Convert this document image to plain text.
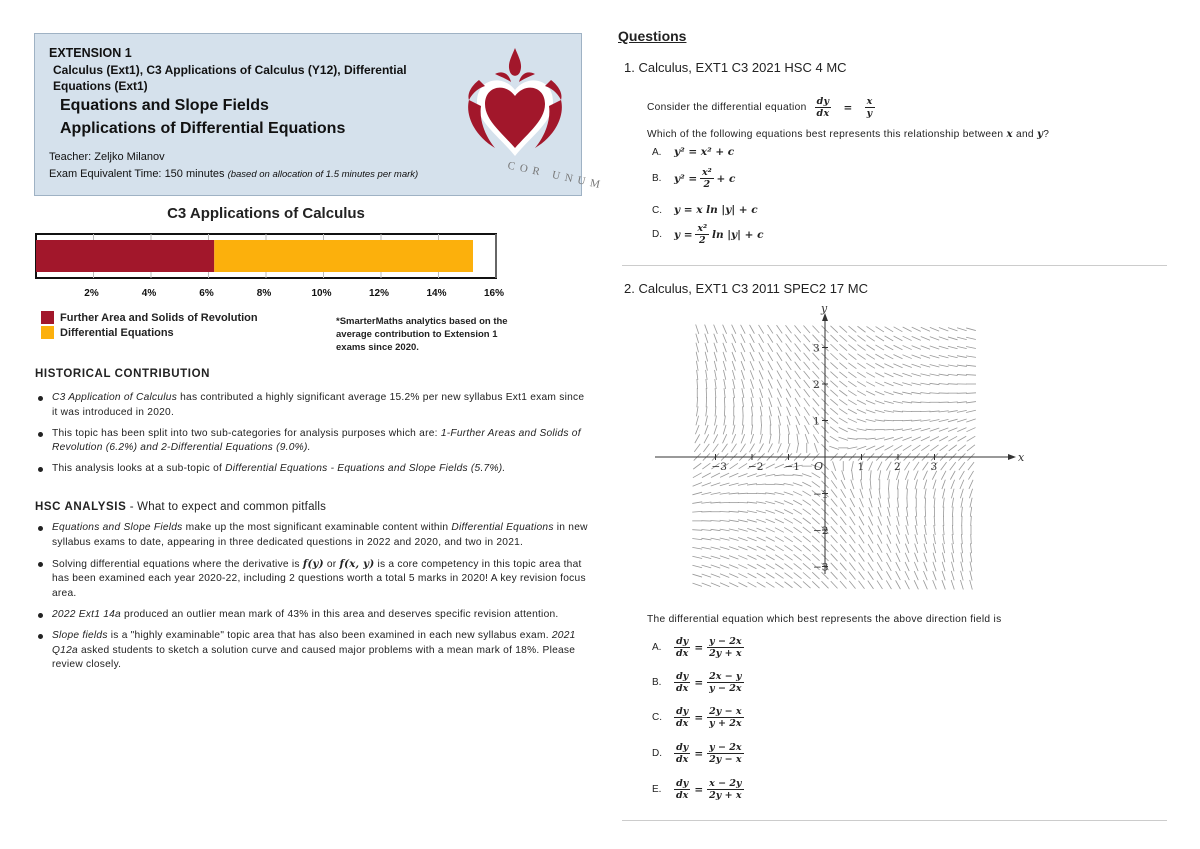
EXTENSION 1
Calculus (Ext1), C3 Applications of Calculus (Y12), Differential Equations (Ext1)
Equations and Slope Fields
Applications of Differential Equations
Teacher: Zeljko Milanov
Exam Equivalent Time: 150 minutes (based on allocation of 1.5 minutes per mark)	COR UNUM
C3 Applications of Calculus
2%	4%	6%	8%	10%	12%	14%	16%
Further Area and Solids of Revolution
Differential Equations
*SmarterMaths analytics based on the average contribution to Extension 1 exams since 2020.
HISTORICAL CONTRIBUTION
C3 Application of Calculus has contributed a highly significant average 15.2% per new syllabus Ext1 exam since it was introduced in 2020.
This topic has been split into two sub-categories for analysis purposes which are: 1-Further Areas and Solids of Revolution (6.2%) and 2-Differential Equations (9.0%).
This analysis looks at a sub-topic of Differential Equations - Equations and Slope Fields (5.7%).
HSC ANALYSIS - What to expect and common pitfalls
Equations and Slope Fields make up the most significant examinable content within Differential Equations in new syllabus exams to date, appearing in three dedicated questions in 2022 and 2020, and two in 2021.
Solving differential equations where the derivative is f(y) or f(x, y) is a core competency in this topic area that has been examined each year 2020-22, including 2 questions worth a total 5 marks in 2020! A key revision focus area.
2022 Ext1 14a produced an outlier mean mark of 43% in this area and deserves specific revision attention.
Slope fields is a "highly examinable" topic area that has also been examined in each new syllabus exam. 2021 Q12a asked students to sketch a solution curve and caused major problems with a mean mark of 18%. Please review closely.
Questions
1. Calculus, EXT1 C3 2021 HSC 4 MC
Consider the differential equation $\frac{dy}{dx} = \frac{x}{y}$
Which of the following equations best represents this relationship between x and y?
A.	y² = x² + c
B.	y² =
$\frac{\text{x²}}{2}$
+ c
C.	y = x ln |y| + c
D.	y =
$\frac{\text{x²}}{2}$
ln |y| + c
2. Calculus, EXT1 C3 2011 SPEC2 17 MC
x
y
O
−3 −2 −1	1	2	3
3
2
1
−1
−2
−3
The differential equation which best represents the above direction field is
A.	$\frac{dy}{dx} = \frac{y - 2x}{2y + x}$
B.	$\frac{dy}{dx} = \frac{2x - y}{y - 2x}$
C.	$\frac{dy}{dx} = \frac{2y - x}{y + 2x}$
D.	$\frac{dy}{dx} = \frac{y - 2x}{2y - x}$
E.	$\frac{dy}{dx} = \frac{x - 2y}{2y + x}$
